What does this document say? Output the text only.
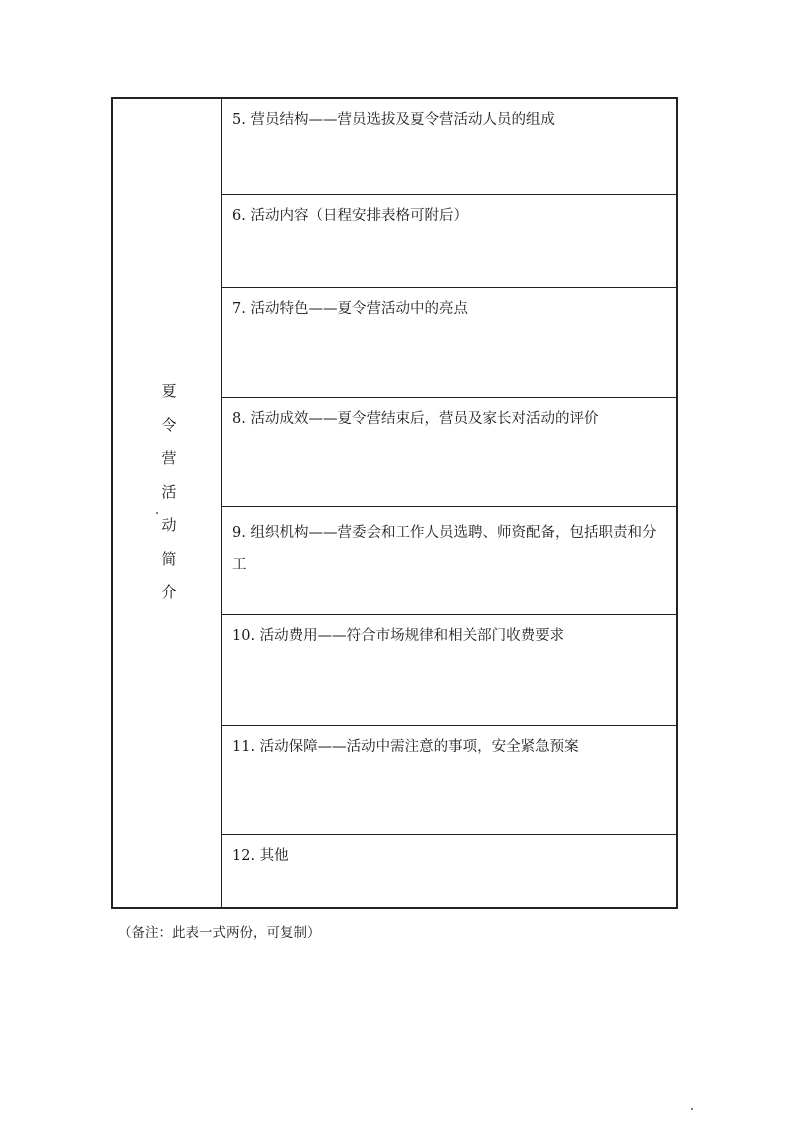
夏
令
营
活
动
简
介
5. 营员结构——营员选拔及夏令营活动人员的组成
6. 活动内容（日程安排表格可附后）
7. 活动特色——夏令营活动中的亮点
8. 活动成效——夏令营结束后，营员及家长对活动的评价
9. 组织机构——营委会和工作人员选聘、师资配备，包括职责和分工
10. 活动费用——符合市场规律和相关部门收费要求
11. 活动保障——活动中需注意的事项，安全紧急预案
12. 其他
（备注：此表一式两份，可复制）
